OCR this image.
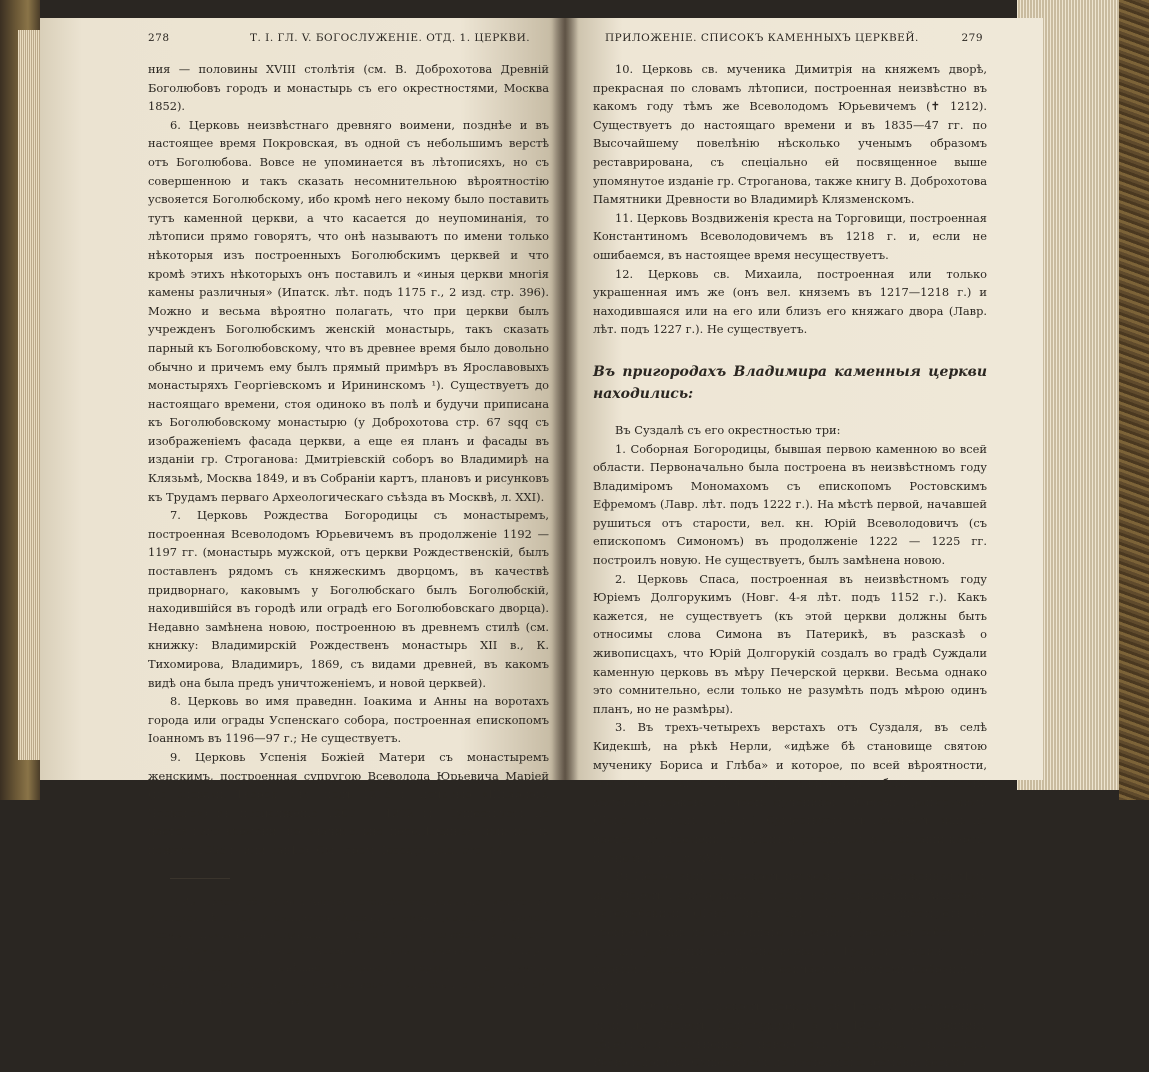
278	Т. I. ГЛ. V. БОГОСЛУЖЕНІЕ. ОТД. 1. ЦЕРКВИ.

ния — половины XVIII столѣтія (см. В. Доброхотова Древній Боголюбовъ городъ и монастырь съ его окрестностями, Москва 1852).

6. Церковь неизвѣстнаго древняго воимени, позднѣе и въ настоящее время Покровская, въ одной съ небольшимъ верстѣ отъ Боголюбова. Вовсе не упоминается въ лѣтописяхъ, но съ совершенною и такъ сказать несомнительною вѣроятностію усвояется Боголюбскому, ибо кромѣ него некому было поставить тутъ каменной церкви, а что касается до неупоминанія, то лѣтописи прямо говорятъ, что онѣ называютъ по имени только нѣкоторыя изъ построенныхъ Боголюбскимъ церквей и что кромѣ этихъ нѣкоторыхъ онъ поставилъ и «иныя церкви многія камены различныя» (Ипатск. лѣт. подъ 1175 г., 2 изд. стр. 396). Можно и весьма вѣроятно полагать, что при церкви былъ учрежденъ Боголюбскимъ женскій монастырь, такъ сказать парный къ Боголюбовскому, что въ древнее время было довольно обычно и причемъ ему былъ прямый примѣръ въ Ярославовыхъ монастыряхъ Георгіевскомъ и Ирининскомъ ¹). Существуетъ до настоящаго времени, стоя одиноко въ полѣ и будучи приписана къ Боголюбовскому монастырю (у Доброхотова стр. 67 sqq съ изображеніемъ фасада церкви, а еще ея планъ и фасады въ изданіи гр. Строганова: Дмитріевскій соборъ во Владимирѣ на Клязьмѣ, Москва 1849, и въ Собраніи картъ, плановъ и рисунковъ къ Трудамъ перваго Археологическаго съѣзда въ Москвѣ, л. XXI).

7. Церковь Рождества Богородицы съ монастыремъ, построенная Всеволодомъ Юрьевичемъ въ продолженіе 1192 — 1197 гг. (монастырь мужской, отъ церкви Рождественскій, былъ поставленъ рядомъ съ княжескимъ дворцомъ, въ качествѣ придворнаго, каковымъ у Боголюбскаго былъ Боголюбскій, находившійся въ городѣ или оградѣ его Боголюбовскаго дворца). Недавно замѣнена новою, построенною въ древнемъ стилѣ (см. книжку: Владимирскій Рождественъ монастырь XII в., К. Тихомирова, Владимиръ, 1869, съ видами древней, въ какомъ видѣ она была предъ уничтоженіемъ, и новой церквей).

8. Церковь во имя праведнн. Іоакима и Анны на воротахъ города или ограды Успенскаго собора, построенная епископомъ Іоанномъ въ 1196—97 г.; Не существуетъ.

9. Церковь Успенія Божіей Матери съ монастыремъ женскимъ, построенная супругою Всеволода Юрьевича Маріей (по словамъ Тверск. лѣт. подъ 1205 г. дочерью «Шварлова Ческаго») въ продолженіе 1200 — 1202 гг. Существуетъ до настоящаго времени, но значительно передѣланная (или послѣ пожара 1855 г. или ранѣе). См. іером. Іоасафа ibid. стр. 44.

¹) Въ повѣсти объ убіеніи Андрея Боголюбскаго, какъ она читается въ Ипатской лѣтописи, упоминается «Арсеній, игуменъ (монастыря) святою Козмы и Демьяна», находившагося гдѣ-то близъ Боголюбова (2 изд. стр. 401). Можетъ быть, этотъ Арсеній и былъ игуменомъ монастыря, находившагося при нынѣшней Покровской церкви, т. е. игуменъ монастыря женскаго, что въ древнее время было обычно (и о чемъ см. ниже въ главѣ о монастыряхъ).

ПРИЛОЖЕНІЕ. СПИСОКЪ КАМЕННЫХЪ ЦЕРКВЕЙ.	279

10. Церковь св. мученика Димитрія на княжемъ дворѣ, прекрасная по словамъ лѣтописи, построенная неизвѣстно въ какомъ году тѣмъ же Всеволодомъ Юрьевичемъ (✝ 1212). Существуетъ до настоящаго времени и въ 1835—47 гг. по Высочайшему повелѣнію нѣсколько ученымъ образомъ реставрирована, съ спеціально ей посвященное выше упомянутое изданіе гр. Строганова, также книгу В. Доброхотова Памятники Древности во Владимирѣ Клязменскомъ.

11. Церковь Воздвиженія креста на Торговищи, построенная Константиномъ Всеволодовичемъ въ 1218 г. и, если не ошибаемся, въ настоящее время несуществуетъ.

12. Церковь св. Михаила, построенная или только украшенная имъ же (онъ вел. княземъ въ 1217—1218 г.) и находившаяся или на его или близъ его княжаго двора (Лавр. лѣт. подъ 1227 г.). Не существуетъ.

Въ пригородахъ Владимира каменныя церкви находились:

Въ Суздалѣ съ его окрестностью три:

1. Соборная Богородицы, бывшая первою каменною во всей области. Первоначально была построена въ неизвѣстномъ году Владиміромъ Мономахомъ съ епископомъ Ростовскимъ Ефремомъ (Лавр. лѣт. подъ 1222 г.). На мѣстѣ первой, начавшей рушиться отъ старости, вел. кн. Юрій Всеволодовичъ (съ епископомъ Симономъ) въ продолженіе 1222 — 1225 гг. построилъ новую. Не существуетъ, былъ замѣнена новою.

2. Церковь Спаса, построенная въ неизвѣстномъ году Юріемъ Долгорукимъ (Новг. 4-я лѣт. подъ 1152 г.). Какъ кажется, не существуетъ (къ этой церкви должны быть относимы слова Симона въ Патерикѣ, въ разсказѣ о живописцахъ, что Юрій Долгорукій создалъ во градѣ Суждали каменную церковь въ мѣру Печерской церкви. Весьма однако это сомнительно, если только не разумѣть подъ мѣрою одинъ планъ, но не размѣры).

3. Въ трехъ-четырехъ верстахъ отъ Суздаля, въ селѣ Кидекшѣ, на рѣкѣ Нерли, «идѣже бѣ становище святою мученику Бориса и Глѣба» и которое, по всей вѣроятности, составляло загородную дачу княжескую, была построена каменная церковь въ честь мучениковъ Юріемъ Долгорукимъ (Лавр. лѣт. подъ 1159 г.). Существуетъ въ древнемъ видѣ до настоящаго времени (ея планъ и фасадъ см. въ Собраніи картъ, плановъ и пр., л. XVI).

Въ Переславлѣ Залѣсскомъ церковь Спаса, заложенная тѣмъ же Юріемъ Долгорукимъ, а послѣ него доконченная Андреемъ Боголюбскимъ (Лавр. лѣт. подъ 1157 г.). Существуетъ въ древнемъ видѣ до настоящаго времени (городской соборъ. Ея фасадъ у Мартынова и Снегирева въ Русской старинѣ, годъ первый, а фасадъ и планъ въ сейчасъ помянутомъ Собраніи, л. XVII).

Въ Юрьевѣ Польскомъ церковь св. Георгія, построенная тѣмъ же Юріемъ Долгорукимъ, а въ 1230 г. по причинѣ обветшанія замѣненная новою отъ его внука Святослава Всеволодовича. Существуетъ до настоящаго времени; весьма
